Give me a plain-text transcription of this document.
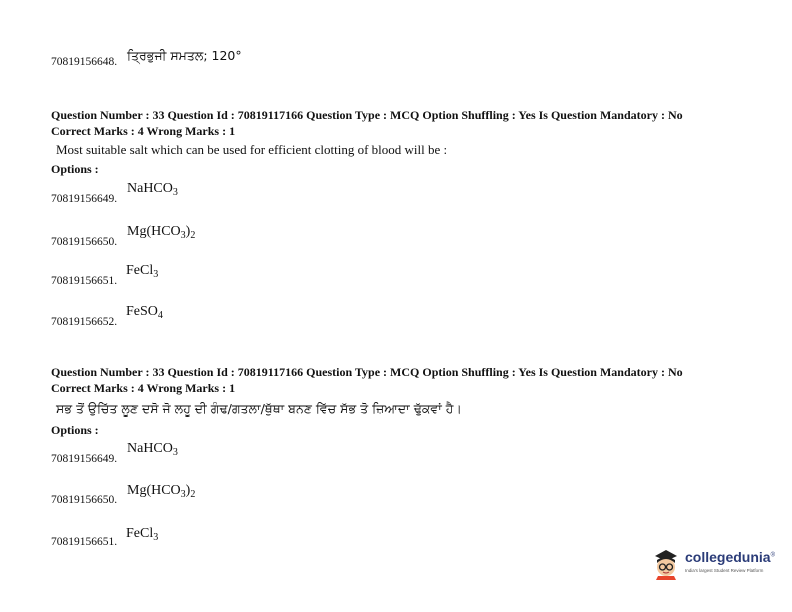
70819156648. ਤ੍ਰਿਭੁਜੀ ਸਮਤਲ; 120°
Question Number : 33 Question Id : 70819117166 Question Type : MCQ Option Shuffling : Yes Is Question Mandatory : No
Correct Marks : 4 Wrong Marks : 1
Most suitable salt which can be used for efficient clotting of blood will be :
Options :
70819156649.
NaHCO$_3$
70819156650.
$Mg(HCO_3)_2$
70819156651.
FeCl$_3$
70819156652.
FeSO$_4$
Question Number : 33 Question Id : 70819117166 Question Type : MCQ Option Shuffling : Yes Is Question Mandatory : No
Correct Marks : 4 Wrong Marks : 1
ਸਭ ਤੋਂ ਉਚਿੱਤ ਲੂਣ ਦਸੋ ਜੋ ਲਹੂ ਦੀ ਗੰਢ/ਗਤਲਾ/ਥੁੱਥਾ ਬਨਣ ਵਿੱਚ ਸੱਭ ਤੋ ਜ਼ਿਆਦਾ ਢੁੱਕਵਾਂ ਹੈ।
Options :
70819156649.
NaHCO$_3$
70819156650.
$Mg(HCO_3)_2$
70819156651.
FeCl$_3$
collegedunia®
India's largest Student Review Platform
